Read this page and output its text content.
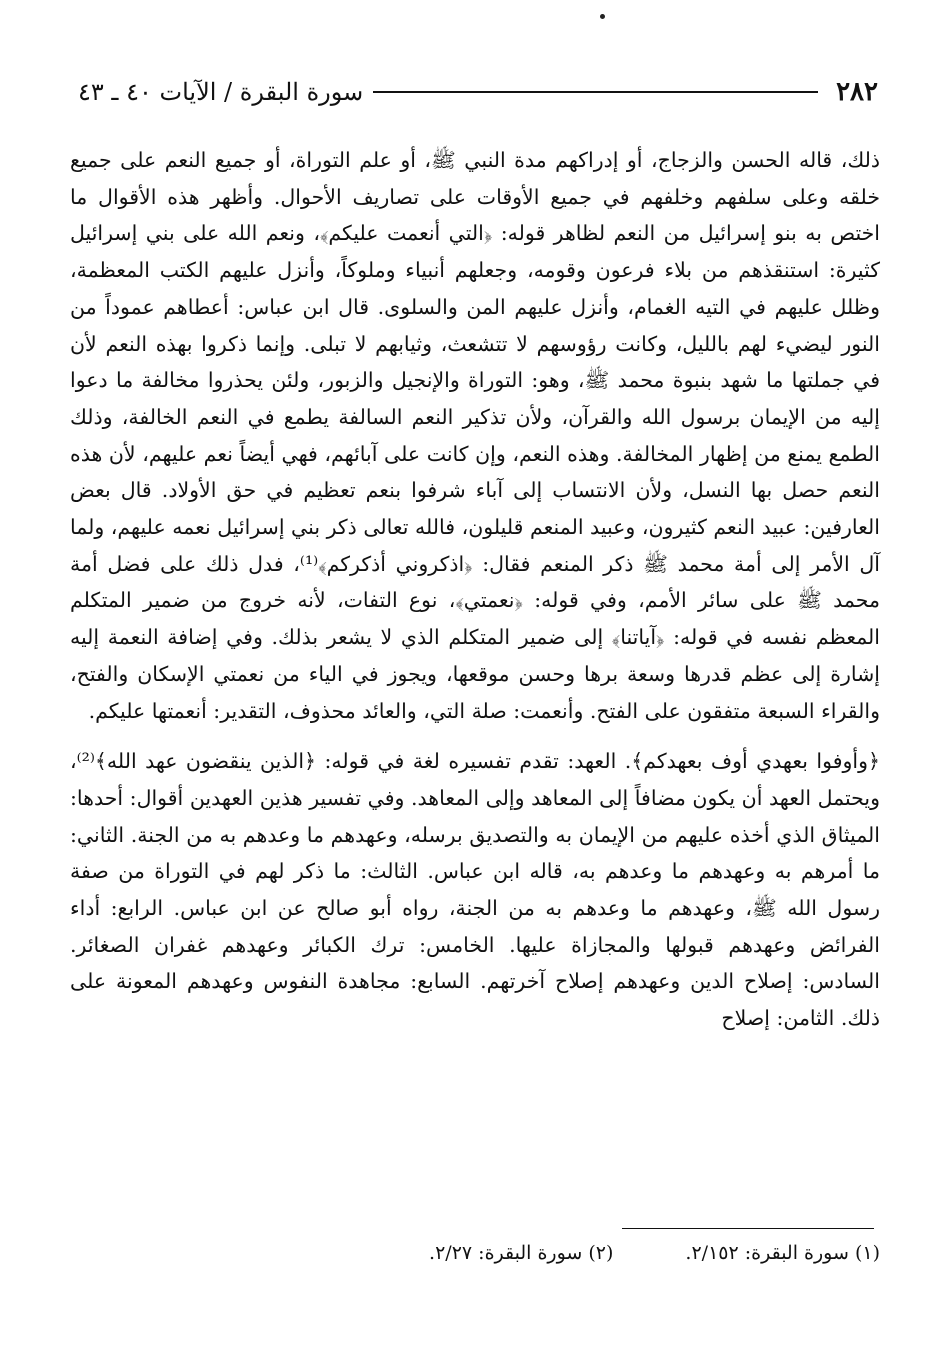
٢٨٢
سورة البقرة / الآيات ٤٠ ـ ٤٣

ذلك، قاله الحسن والزجاج، أو إدراكهم مدة النبي ﷺ، أو علم التوراة، أو جميع النعم على جميع خلقه وعلى سلفهم وخلفهم في جميع الأوقات على تصاريف الأحوال. وأظهر هذه الأقوال ما اختص به بنو إسرائيل من النعم لظاهر قوله: ﴿التي أنعمت عليكم﴾، ونعم الله على بني إسرائيل كثيرة: استنقذهم من بلاء فرعون وقومه، وجعلهم أنبياء وملوكاً، وأنزل عليهم الكتب المعظمة، وظلل عليهم في التيه الغمام، وأنزل عليهم المن والسلوى. قال ابن عباس: أعطاهم عموداً من النور ليضيء لهم بالليل، وكانت رؤوسهم لا تتشعث، وثيابهم لا تبلى. وإنما ذكروا بهذه النعم لأن في جملتها ما شهد بنبوة محمد ﷺ، وهو: التوراة والإنجيل والزبور، ولئن يحذروا مخالفة ما دعوا إليه من الإيمان برسول الله والقرآن، ولأن تذكير النعم السالفة يطمع في النعم الخالفة، وذلك الطمع يمنع من إظهار المخالفة. وهذه النعم، وإن كانت على آبائهم، فهي أيضاً نعم عليهم، لأن هذه النعم حصل بها النسل، ولأن الانتساب إلى آباء شرفوا بنعم تعظيم في حق الأولاد. قال بعض العارفين: عبيد النعم كثيرون، وعبيد المنعم قليلون، فالله تعالى ذكر بني إسرائيل نعمه عليهم، ولما آل الأمر إلى أمة محمد ﷺ ذكر المنعم فقال: ﴿اذكروني أذكركم﴾⁽¹⁾، فدل ذلك على فضل أمة محمد ﷺ على سائر الأمم، وفي قوله: ﴿نعمتي﴾، نوع التفات، لأنه خروج من ضمير المتكلم المعظم نفسه في قوله: ﴿آياتنا﴾ إلى ضمير المتكلم الذي لا يشعر بذلك. وفي إضافة النعمة إليه إشارة إلى عظم قدرها وسعة برها وحسن موقعها، ويجوز في الياء من نعمتي الإسكان والفتح، والقراء السبعة متفقون على الفتح. وأنعمت: صلة التي، والعائد محذوف، التقدير: أنعمتها عليكم.

﴿وأوفوا بعهدي أوف بعهدكم﴾. العهد: تقدم تفسيره لغة في قوله: ﴿الذين ينقضون عهد الله﴾⁽²⁾، ويحتمل العهد أن يكون مضافاً إلى المعاهد وإلى المعاهد. وفي تفسير هذين العهدين أقوال: أحدها: الميثاق الذي أخذه عليهم من الإيمان به والتصديق برسله، وعهدهم ما وعدهم به من الجنة. الثاني: ما أمرهم به وعهدهم ما وعدهم به، قاله ابن عباس. الثالث: ما ذكر لهم في التوراة من صفة رسول الله ﷺ، وعهدهم ما وعدهم به من الجنة، رواه أبو صالح عن ابن عباس. الرابع: أداء الفرائض وعهدهم قبولها والمجازاة عليها. الخامس: ترك الكبائر وعهدهم غفران الصغائر. السادس: إصلاح الدين وعهدهم إصلاح آخرتهم. السابع: مجاهدة النفوس وعهدهم المعونة على ذلك. الثامن: إصلاح

(١) سورة البقرة: ٢/١٥٢.
(٢) سورة البقرة: ٢/٢٧.
